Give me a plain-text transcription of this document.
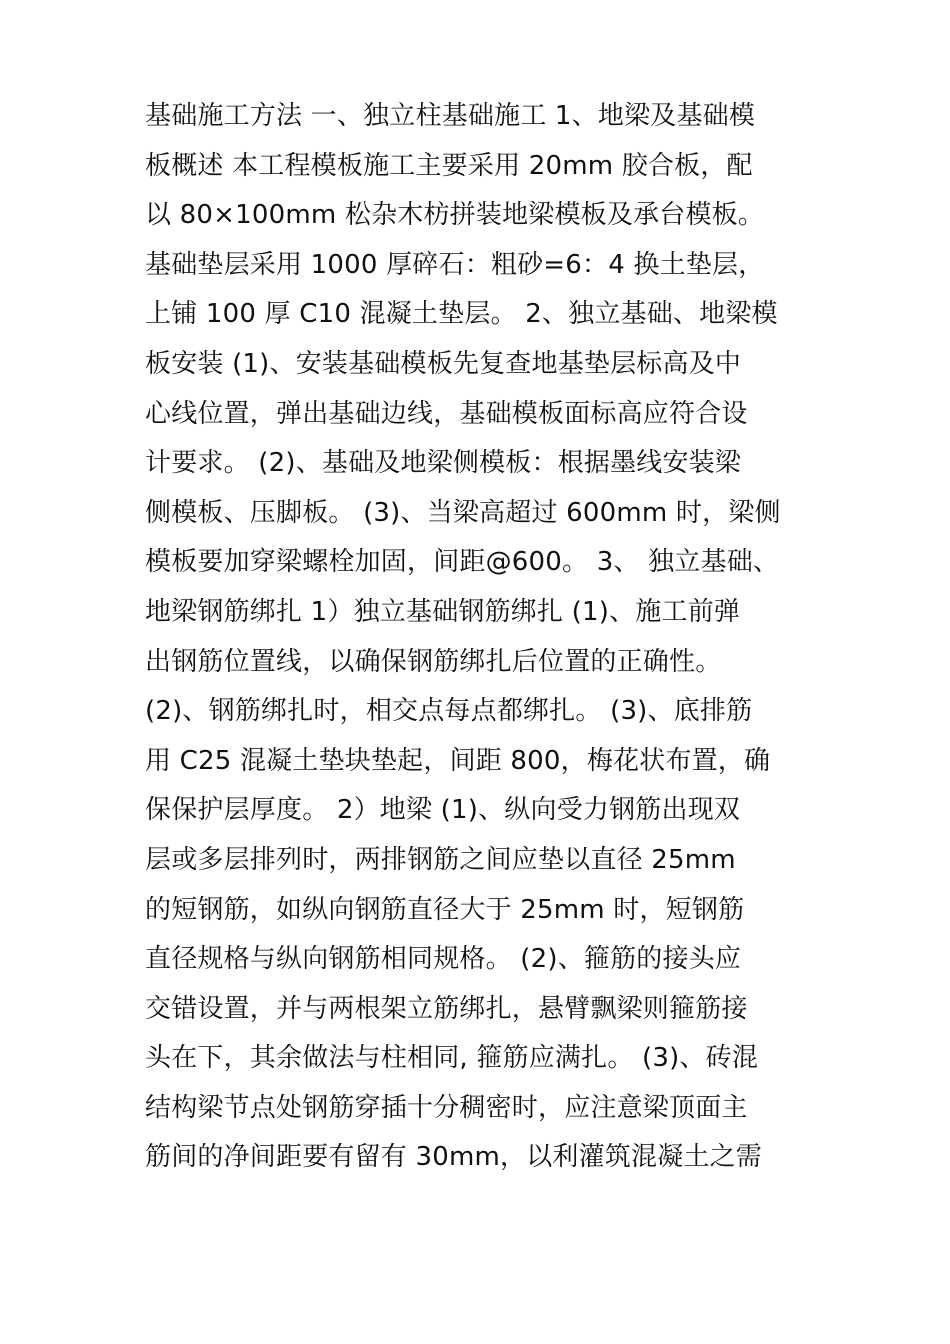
基础施工方法 一、独立柱基础施工 1、地梁及基础模
板概述 本工程模板施工主要采用 20mm 胶合板，配
以 80×100mm 松杂木枋拼装地梁模板及承台模板。
基础垫层采用 1000 厚碎石：粗砂=6：4 换土垫层，
上铺 100 厚 C10 混凝土垫层。 2、独立基础、地梁模
板安装 (1)、安装基础模板先复查地基垫层标高及中
心线位置，弹出基础边线，基础模板面标高应符合设
计要求。 (2)、基础及地梁侧模板：根据墨线安装梁
侧模板、压脚板。 (3)、当梁高超过 600mm 时，梁侧
模板要加穿梁螺栓加固，间距@600。 3、 独立基础、
地梁钢筋绑扎 1）独立基础钢筋绑扎 (1)、施工前弹
出钢筋位置线，以确保钢筋绑扎后位置的正确性。
(2)、钢筋绑扎时，相交点每点都绑扎。 (3)、底排筋
用 C25 混凝土垫块垫起，间距 800，梅花状布置，确
保保护层厚度。 2）地梁 (1)、纵向受力钢筋出现双
层或多层排列时，两排钢筋之间应垫以直径 25mm
的短钢筋，如纵向钢筋直径大于 25mm 时，短钢筋
直径规格与纵向钢筋相同规格。 (2)、箍筋的接头应
交错设置，并与两根架立筋绑扎，悬臂飘梁则箍筋接
头在下，其余做法与柱相同, 箍筋应满扎。 (3)、砖混
结构梁节点处钢筋穿插十分稠密时，应注意梁顶面主
筋间的净间距要有留有 30mm，以利灌筑混凝土之需
